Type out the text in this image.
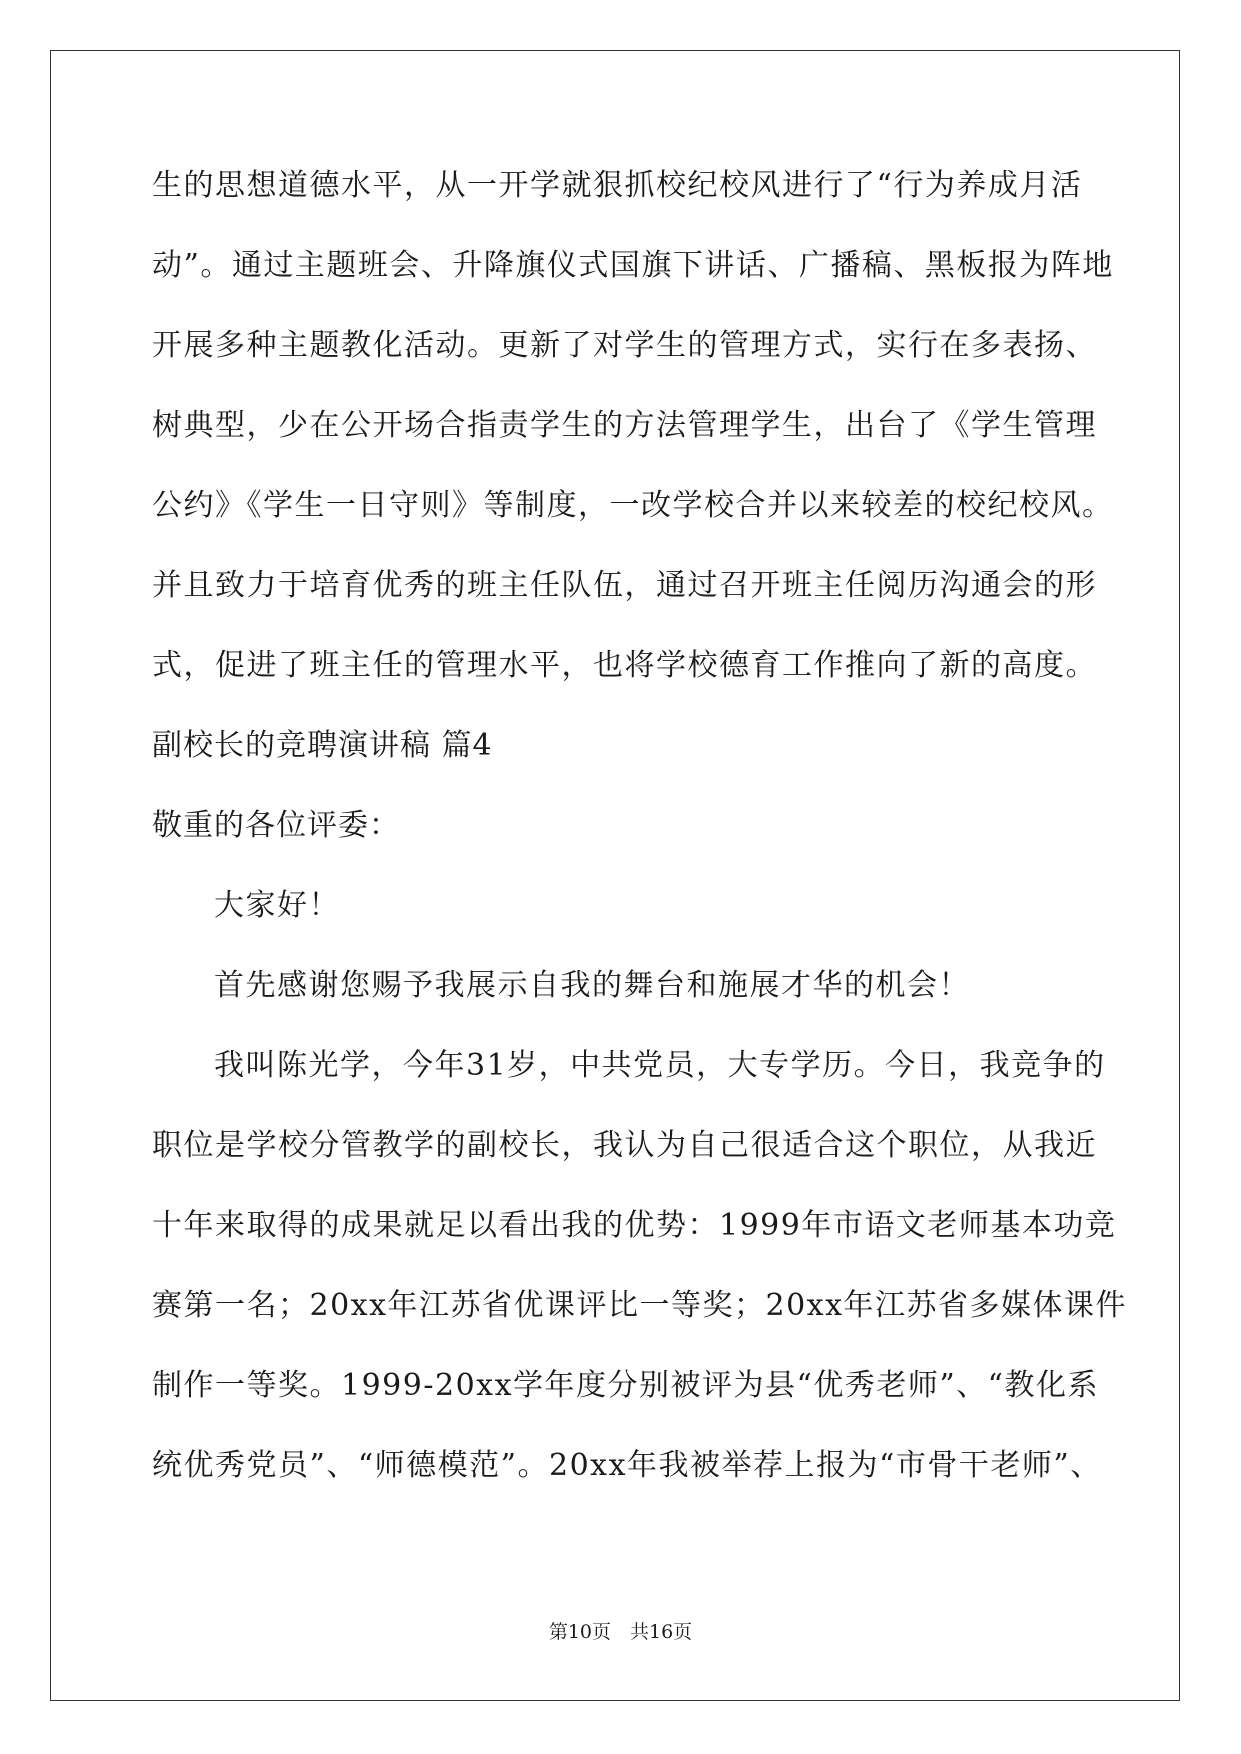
生的思想道德水平，从一开学就狠抓校纪校风进行了“行为养成月活
动”。通过主题班会、升降旗仪式国旗下讲话、广播稿、黑板报为阵地
开展多种主题教化活动。更新了对学生的管理方式，实行在多表扬、
树典型，少在公开场合指责学生的方法管理学生，出台了《学生管理
公约》《学生一日守则》等制度，一改学校合并以来较差的校纪校风。
并且致力于培育优秀的班主任队伍，通过召开班主任阅历沟通会的形
式，促进了班主任的管理水平，也将学校德育工作推向了新的高度。
副校长的竞聘演讲稿 篇4
敬重的各位评委：
大家好！
首先感谢您赐予我展示自我的舞台和施展才华的机会！
我叫陈光学，今年31岁，中共党员，大专学历。今日，我竞争的
职位是学校分管教学的副校长，我认为自己很适合这个职位，从我近
十年来取得的成果就足以看出我的优势：1999年市语文老师基本功竞
赛第一名；20xx年江苏省优课评比一等奖；20xx年江苏省多媒体课件
制作一等奖。1999-20xx学年度分别被评为县“优秀老师”、“教化系
统优秀党员”、“师德模范”。20xx年我被举荐上报为“市骨干老师”、
第10页　共16页
